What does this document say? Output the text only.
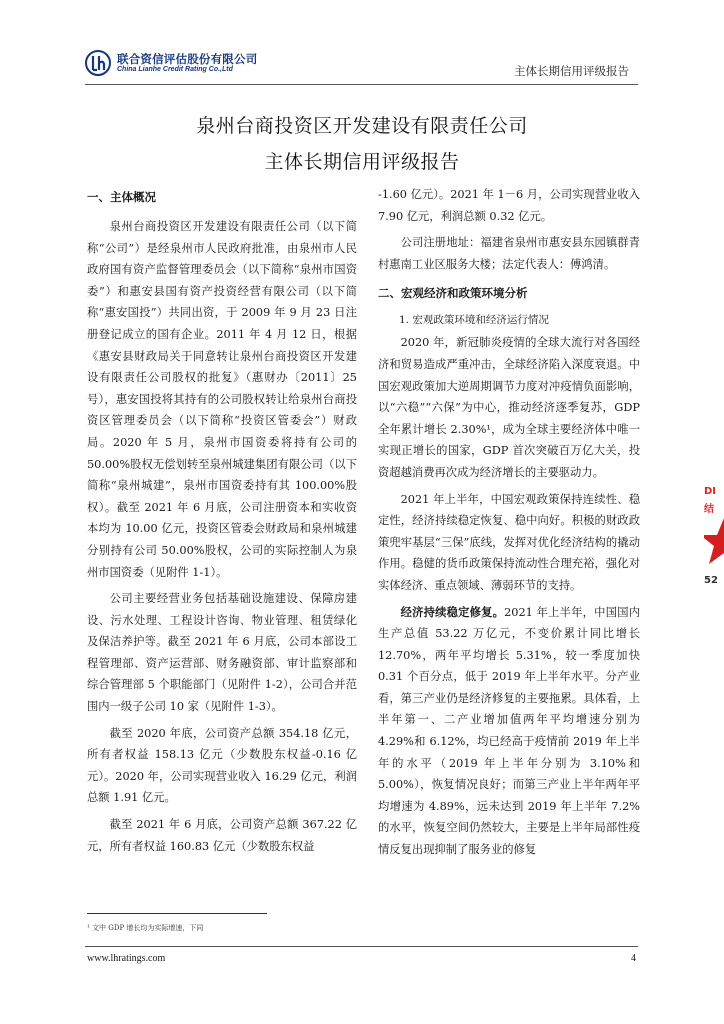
联合资信评估股份有限公司
China Lianhe Credit Rating Co.,Ltd	主体长期信用评级报告
泉州台商投资区开发建设有限责任公司
主体长期信用评级报告
一、主体概况

泉州台商投资区开发建设有限责任公司（以下简称“公司”）是经泉州市人民政府批准，由泉州市人民政府国有资产监督管理委员会（以下简称“泉州市国资委”）和惠安县国有资产投资经营有限公司（以下简称“惠安国投”）共同出资，于 2009 年 9 月 23 日注册登记成立的国有企业。2011 年 4 月 12 日，根据《惠安县财政局关于同意转让泉州台商投资区开发建设有限责任公司股权的批复》（惠财办〔2011〕25 号），惠安国投将其持有的公司股权转让给泉州台商投资区管理委员会（以下简称“投资区管委会”）财政局。2020 年 5 月，泉州市国资委将持有公司的50.00%股权无偿划转至泉州城建集团有限公司（以下简称“泉州城建”，泉州市国资委持有其 100.00%股权）。截至 2021 年 6 月底，公司注册资本和实收资本均为 10.00 亿元，投资区管委会财政局和泉州城建分别持有公司 50.00%股权，公司的实际控制人为泉州市国资委（见附件 1-1）。

公司主要经营业务包括基础设施建设、保障房建设、污水处理、工程设计咨询、物业管理、租赁绿化及保洁养护等。截至 2021 年 6 月底，公司本部设工程管理部、资产运营部、财务融资部、审计监察部和综合管理部 5 个职能部门（见附件 1-2），公司合并范围内一级子公司 10 家（见附件 1-3）。

截至 2020 年底，公司资产总额 354.18 亿元，所有者权益 158.13 亿元（少数股东权益-0.16 亿元）。2020 年，公司实现营业收入 16.29 亿元，利润总额 1.91 亿元。

截至 2021 年 6 月底，公司资产总额 367.22 亿元，所有者权益 160.83 亿元（少数股东权益

-1.60 亿元）。2021 年 1－6 月，公司实现营业收入 7.90 亿元，利润总额 0.32 亿元。

公司注册地址：福建省泉州市惠安县东园镇群青村惠南工业区服务大楼；法定代表人：傅鸿清。

二、宏观经济和政策环境分析
1. 宏观政策环境和经济运行情况

2020 年，新冠肺炎疫情的全球大流行对各国经济和贸易造成严重冲击，全球经济陷入深度衰退。中国宏观政策加大逆周期调节力度对冲疫情负面影响，以“六稳”“六保”为中心，推动经济逐季复苏，GDP 全年累计增长 2.30%¹，成为全球主要经济体中唯一实现正增长的国家，GDP 首次突破百万亿大关，投资超越消费再次成为经济增长的主要驱动力。

2021 年上半年，中国宏观政策保持连续性、稳定性，经济持续稳定恢复、稳中向好。积极的财政政策兜牢基层“三保”底线，发挥对优化经济结构的撬动作用。稳健的货币政策保持流动性合理充裕，强化对实体经济、重点领域、薄弱环节的支持。

经济持续稳定修复。2021 年上半年，中国国内生产总值 53.22 万亿元，不变价累计同比增长 12.70%，两年平均增长 5.31%，较一季度加快 0.31 个百分点，低于 2019 年上半年水平。分产业看，第三产业仍是经济修复的主要拖累。具体看，上半年第一、二产业增加值两年平均增速分别为 4.29%和 6.12%，均已经高于疫情前 2019 年上半年的水平（2019 年上半年分别为 3.10%和 5.00%），恢复情况良好；而第三产业上半年两年平均增速为 4.89%，远未达到 2019 年上半年 7.2%的水平，恢复空间仍然较大，主要是上半年局部性疫情反复出现抑制了服务业的修复

¹ 文中 GDP 增长均为实际增速，下同
www.lhratings.com	4
DI
结
52
